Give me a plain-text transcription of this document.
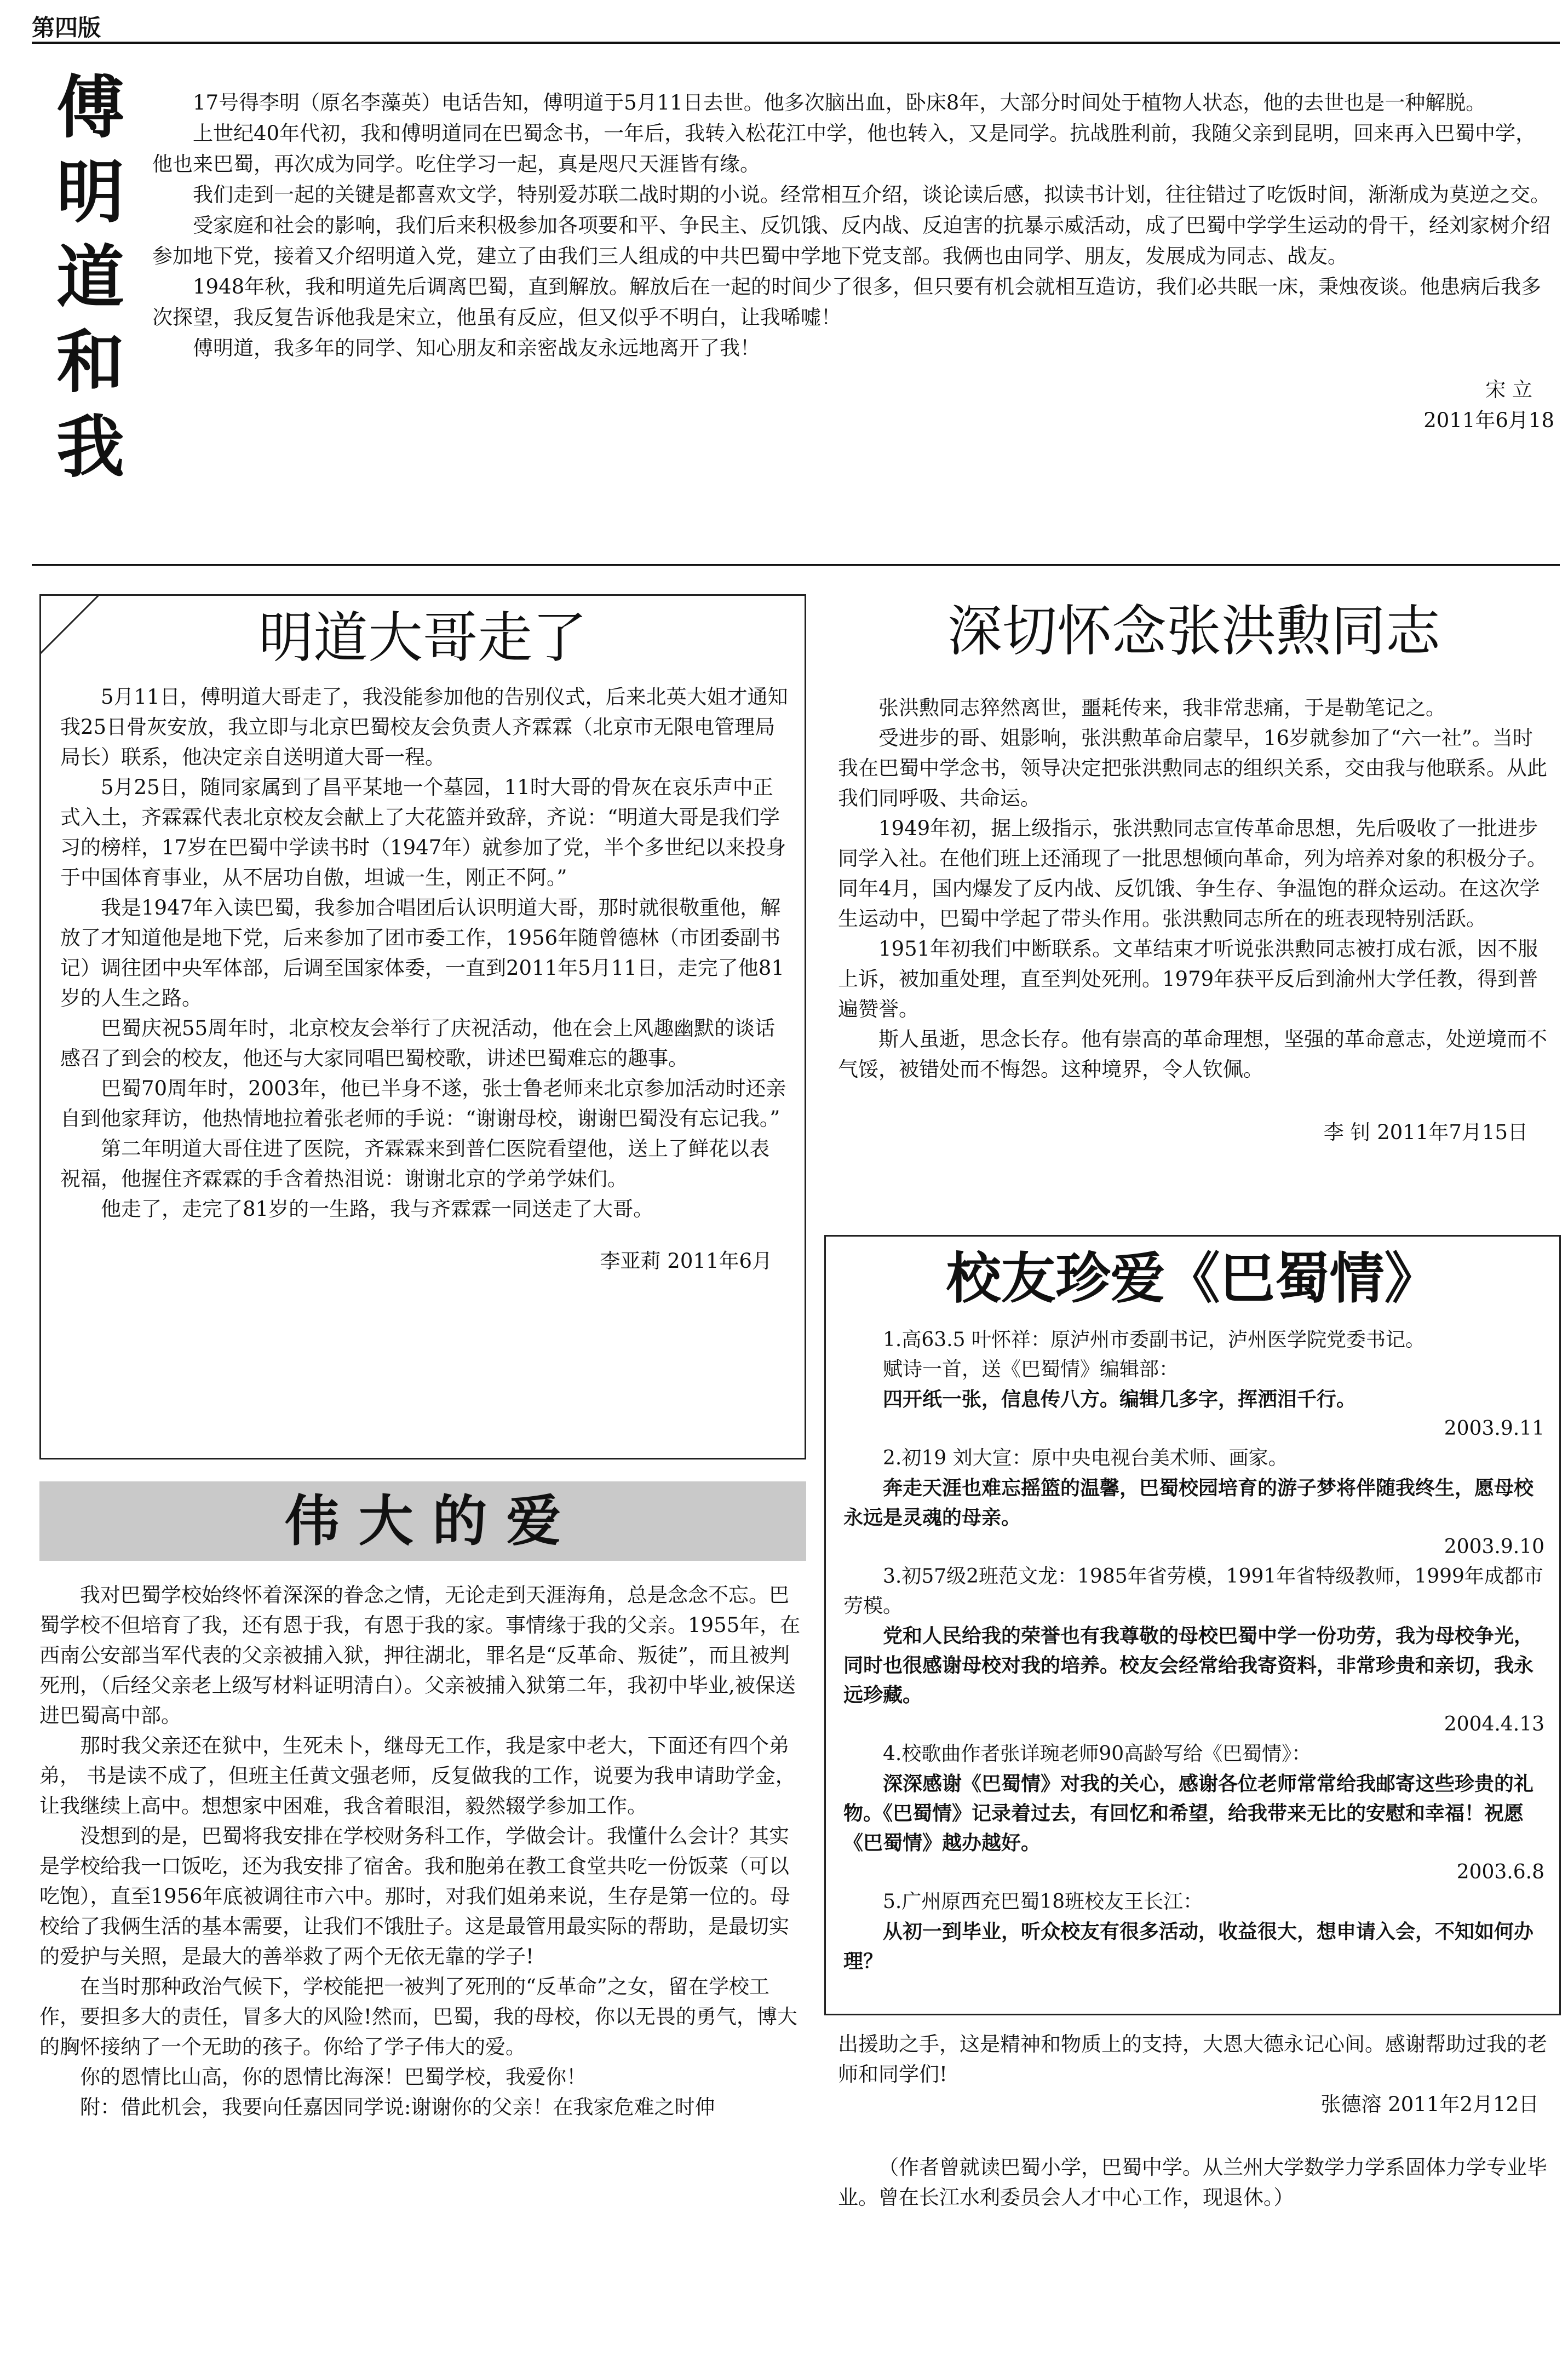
第四版
傅
明
道
和
我

17号得李明（原名李藻英）电话告知，傅明道于5月11日去世。他多次脑出血，卧床8年，大部分时间处于植物人状态，他的去世也是一种解脱。

上世纪40年代初，我和傅明道同在巴蜀念书，一年后，我转入松花江中学，他也转入，又是同学。抗战胜利前，我随父亲到昆明，回来再入巴蜀中学，他也来巴蜀，再次成为同学。吃住学习一起，真是咫尺天涯皆有缘。

我们走到一起的关键是都喜欢文学，特别爱苏联二战时期的小说。经常相互介绍，谈论读后感，拟读书计划，往往错过了吃饭时间，渐渐成为莫逆之交。

受家庭和社会的影响，我们后来积极参加各项要和平、争民主、反饥饿、反内战、反迫害的抗暴示威活动，成了巴蜀中学学生运动的骨干，经刘家树介绍参加地下党，接着又介绍明道入党，建立了由我们三人组成的中共巴蜀中学地下党支部。我俩也由同学、朋友，发展成为同志、战友。

1948年秋，我和明道先后调离巴蜀，直到解放。解放后在一起的时间少了很多，但只要有机会就相互造访，我们必共眠一床，秉烛夜谈。他患病后我多次探望，我反复告诉他我是宋立，他虽有反应，但又似乎不明白，让我唏嘘！

傅明道，我多年的同学、知心朋友和亲密战友永远地离开了我！

宋 立

2011年6月18

明道大哥走了

5月11日，傅明道大哥走了，我没能参加他的告别仪式，后来北英大姐才通知我25日骨灰安放，我立即与北京巴蜀校友会负责人齐霖霖（北京市无限电管理局局长）联系，他决定亲自送明道大哥一程。

5月25日，随同家属到了昌平某地一个墓园，11时大哥的骨灰在哀乐声中正式入土，齐霖霖代表北京校友会献上了大花篮并致辞，齐说：“明道大哥是我们学习的榜样，17岁在巴蜀中学读书时（1947年）就参加了党，半个多世纪以来投身于中国体育事业，从不居功自傲，坦诚一生，刚正不阿。”

我是1947年入读巴蜀，我参加合唱团后认识明道大哥，那时就很敬重他，解放了才知道他是地下党，后来参加了团市委工作，1956年随曾德林（市团委副书记）调往团中央军体部，后调至国家体委，一直到2011年5月11日，走完了他81岁的人生之路。

巴蜀庆祝55周年时，北京校友会举行了庆祝活动，他在会上风趣幽默的谈话感召了到会的校友，他还与大家同唱巴蜀校歌，讲述巴蜀难忘的趣事。

巴蜀70周年时，2003年，他已半身不遂，张士鲁老师来北京参加活动时还亲自到他家拜访，他热情地拉着张老师的手说：“谢谢母校，谢谢巴蜀没有忘记我。”

第二年明道大哥住进了医院，齐霖霖来到普仁医院看望他，送上了鲜花以表祝福，他握住齐霖霖的手含着热泪说：谢谢北京的学弟学妹们。

他走了，走完了81岁的一生路，我与齐霖霖一同送走了大哥。

李亚莉 2011年6月

伟 大 的 爱

我对巴蜀学校始终怀着深深的眷念之情，无论走到天涯海角，总是念念不忘。巴蜀学校不但培育了我，还有恩于我，有恩于我的家。事情缘于我的父亲。1955年，在西南公安部当军代表的父亲被捕入狱，押往湖北，罪名是“反革命、叛徒”，而且被判死刑，（后经父亲老上级写材料证明清白）。父亲被捕入狱第二年，我初中毕业,被保送进巴蜀高中部。

那时我父亲还在狱中，生死未卜，继母无工作，我是家中老大，下面还有四个弟弟， 书是读不成了，但班主任黄文强老师，反复做我的工作，说要为我申请助学金，让我继续上高中。想想家中困难，我含着眼泪，毅然辍学参加工作。

没想到的是，巴蜀将我安排在学校财务科工作，学做会计。我懂什么会计？其实是学校给我一口饭吃，还为我安排了宿舍。我和胞弟在教工食堂共吃一份饭菜（可以吃饱），直至1956年底被调往市六中。那时，对我们姐弟来说，生存是第一位的。母校给了我俩生活的基本需要，让我们不饿肚子。这是最管用最实际的帮助，是最切实的爱护与关照，是最大的善举救了两个无依无靠的学子!

在当时那种政治气候下，学校能把一被判了死刑的“反革命”之女，留在学校工作，要担多大的责任，冒多大的风险!然而，巴蜀，我的母校，你以无畏的勇气，博大的胸怀接纳了一个无助的孩子。你给了学子伟大的爱。

你的恩情比山高，你的恩情比海深！巴蜀学校，我爱你！

附：借此机会，我要向任嘉因同学说:谢谢你的父亲！在我家危难之时伸

深切怀念张洪勲同志

张洪勲同志猝然离世，噩耗传来，我非常悲痛，于是勒笔记之。

受进步的哥、姐影响，张洪勲革命启蒙早，16岁就参加了“六一社”。当时我在巴蜀中学念书，领导决定把张洪勲同志的组织关系，交由我与他联系。从此我们同呼吸、共命运。

1949年初，据上级指示，张洪勲同志宣传革命思想，先后吸收了一批进步同学入社。在他们班上还涌现了一批思想倾向革命，列为培养对象的积极分子。同年4月，国内爆发了反内战、反饥饿、争生存、争温饱的群众运动。在这次学生运动中，巴蜀中学起了带头作用。张洪勲同志所在的班表现特别活跃。

1951年初我们中断联系。文革结束才听说张洪勲同志被打成右派，因不服上诉，被加重处理，直至判处死刑。1979年获平反后到渝州大学任教，得到普遍赞誉。

斯人虽逝，思念长存。他有崇高的革命理想，坚强的革命意志，处逆境而不气馁，被错处而不悔怨。这种境界，令人钦佩。

李 钊 2011年7月15日

校友珍爱《巴蜀情》

1.高63.5 叶怀祥：原泸州市委副书记，泸州医学院党委书记。

赋诗一首，送《巴蜀情》编辑部：

四开纸一张，信息传八方。编辑几多字，挥洒泪千行。

2003.9.11

2.初19 刘大宣：原中央电视台美术师、画家。

奔走天涯也难忘摇篮的温馨，巴蜀校园培育的游子梦将伴随我终生，愿母校永远是灵魂的母亲。

2003.9.10

3.初57级2班范文龙：1985年省劳模，1991年省特级教师，1999年成都市劳模。

党和人民给我的荣誉也有我尊敬的母校巴蜀中学一份功劳，我为母校争光，同时也很感谢母校对我的培养。校友会经常给我寄资料，非常珍贵和亲切，我永远珍藏。

2004.4.13

4.校歌曲作者张详琬老师90高龄写给《巴蜀情》：

深深感谢《巴蜀情》对我的关心，感谢各位老师常常给我邮寄这些珍贵的礼物。《巴蜀情》记录着过去，有回忆和希望，给我带来无比的安慰和幸福！祝愿《巴蜀情》越办越好。

2003.6.8

5.广州原西充巴蜀18班校友王长江：

从初一到毕业，听众校友有很多活动，收益很大，想申请入会，不知如何办理？

出援助之手，这是精神和物质上的支持，大恩大德永记心间。感谢帮助过我的老师和同学们!

张德溶 2011年2月12日

（作者曾就读巴蜀小学，巴蜀中学。从兰州大学数学力学系固体力学专业毕业。曾在长江水利委员会人才中心工作，现退休。）
